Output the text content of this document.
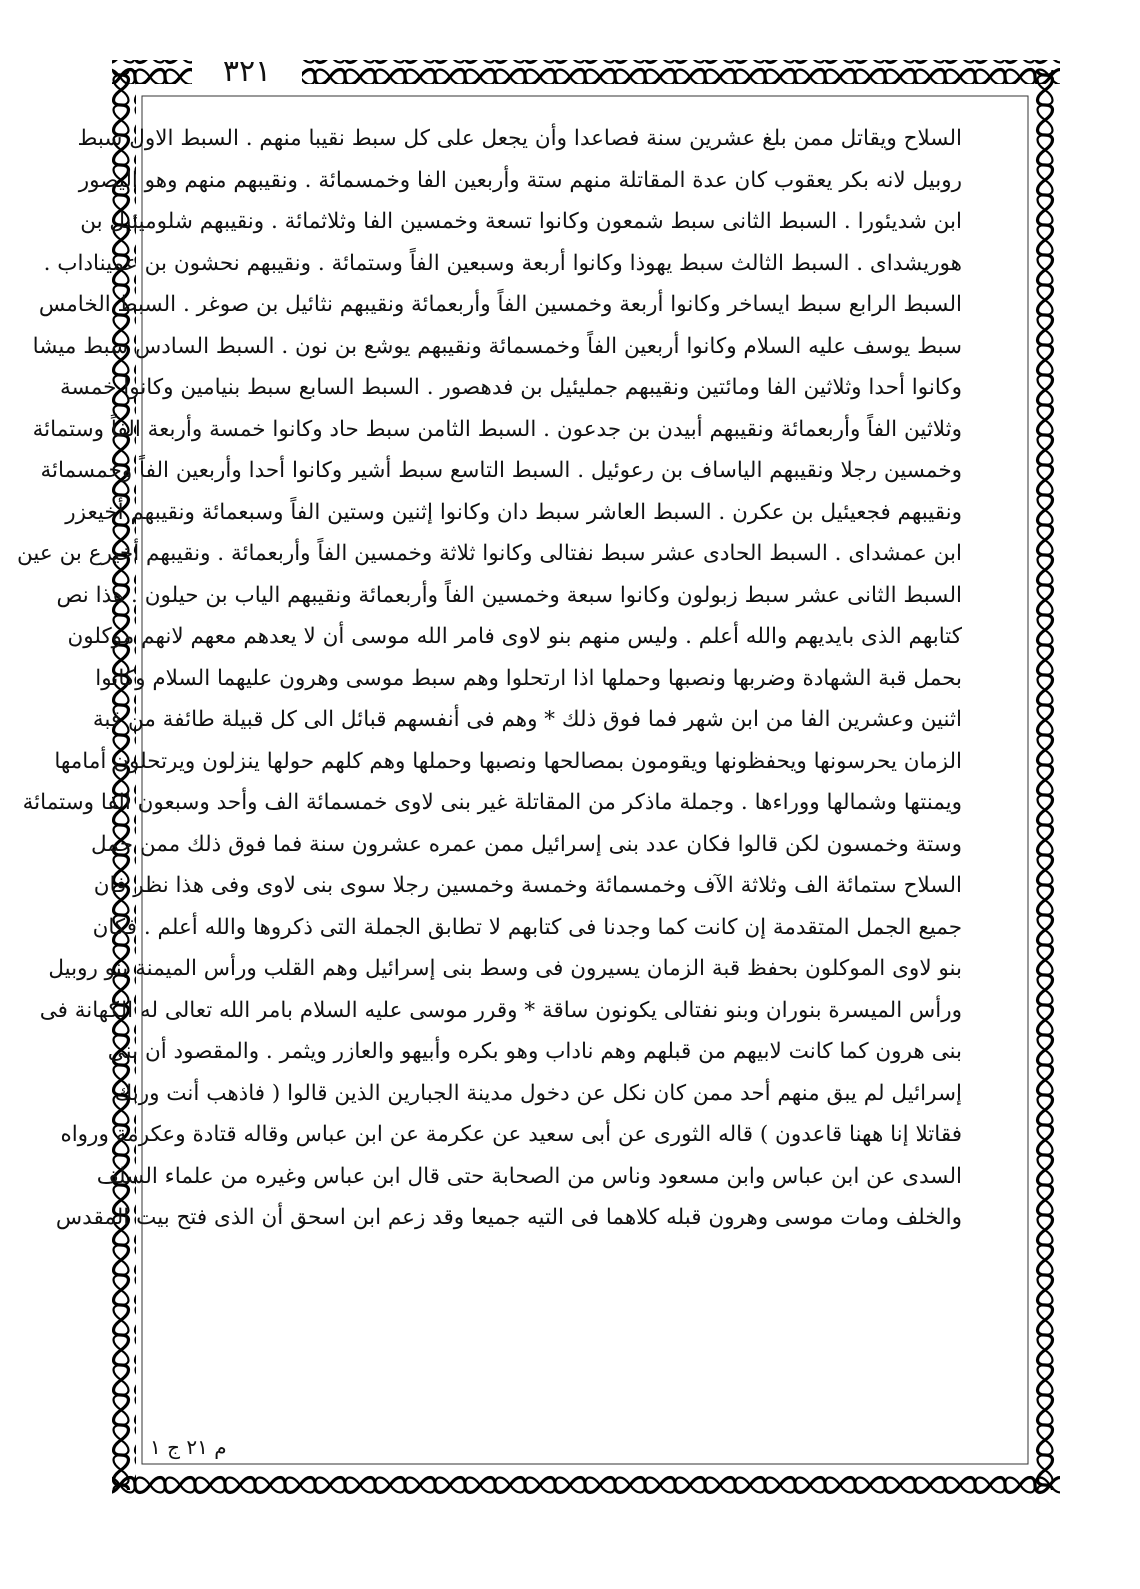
٣٢١
السلاح ويقاتل ممن بلغ عشرين سنة فصاعدا وأن يجعل على كل سبط نقيبا منهم . السبط الاول سبط
روبيل لانه بكر يعقوب كان عدة المقاتلة منهم ستة وأربعين الفا وخمسمائة . ونقيبهم منهم وهو اليصور
ابن شديئورا . السبط الثانى سبط شمعون وكانوا تسعة وخمسين الفا وثلاثمائة . ونقيبهم شلوميئيل بن
هوريشداى . السبط الثالث سبط يهوذا وكانوا أربعة وسبعين الفاً وستمائة . ونقيبهم نحشون بن عميناداب .
السبط الرابع سبط ايساخر وكانوا أربعة وخمسين الفاً وأربعمائة ونقيبهم نثائيل بن صوغر . السبط الخامس
سبط يوسف عليه السلام وكانوا أربعين الفاً وخمسمائة ونقيبهم يوشع بن نون . السبط السادس سبط ميشا
وكانوا أحدا وثلاثين الفا ومائتين ونقيبهم جمليئيل بن فدهصور . السبط السابع سبط بنيامين وكانوا خمسة
وثلاثين الفاً وأربعمائة ونقيبهم أبيدن بن جدعون . السبط الثامن سبط حاد وكانوا خمسة وأربعة الفاً وستمائة
وخمسين رجلا ونقيبهم الياساف بن رعوئيل . السبط التاسع سبط أشير وكانوا أحدا وأربعين الفاً وخمسمائة
ونقيبهم فجعيئيل بن عكرن . السبط العاشر سبط دان وكانوا إثنين وستين الفاً وسبعمائة ونقيبهم أخيعزر
ابن عمشداى . السبط الحادى عشر سبط نفتالى وكانوا ثلاثة وخمسين الفاً وأربعمائة . ونقيبهم أخيرع بن عين
السبط الثانى عشر سبط زبولون وكانوا سبعة وخمسين الفاً وأربعمائة ونقيبهم الياب بن حيلون . هذا نص
كتابهم الذى بايديهم والله أعلم . وليس منهم بنو لاوى فامر الله موسى أن لا يعدهم معهم لانهم موكلون
بحمل قبة الشهادة وضربها ونصبها وحملها اذا ارتحلوا وهم سبط موسى وهرون عليهما السلام وكانوا
اثنين وعشرين الفا من ابن شهر فما فوق ذلك * وهم فى أنفسهم قبائل الى كل قبيلة طائفة من قبة
الزمان يحرسونها ويحفظونها ويقومون بمصالحها ونصبها وحملها وهم كلهم حولها ينزلون ويرتحلون أمامها
ويمنتها وشمالها ووراءها . وجملة ماذكر من المقاتلة غير بنى لاوى خمسمائة الف وأحد وسبعون الفا وستمائة
وستة وخمسون لكن قالوا فكان عدد بنى إسرائيل ممن عمره عشرون سنة فما فوق ذلك ممن حمل
السلاح ستمائة الف وثلاثة الآف وخمسمائة وخمسة وخمسين رجلا سوى بنى لاوى وفى هذا نظر فان
جميع الجمل المتقدمة إن كانت كما وجدنا فى كتابهم لا تطابق الجملة التى ذكروها والله أعلم . فكان
بنو لاوى الموكلون بحفظ قبة الزمان يسيرون فى وسط بنى إسرائيل وهم القلب ورأس الميمنة بنو روبيل
ورأس الميسرة بنوران وبنو نفتالى يكونون ساقة * وقرر موسى عليه السلام بامر الله تعالى له الكهانة فى
بنى هرون كما كانت لابيهم من قبلهم وهم ناداب وهو بكره وأبيهو والعازر ويثمر . والمقصود أن بنى
إسرائيل لم يبق منهم أحد ممن كان نكل عن دخول مدينة الجبارين الذين قالوا ( فاذهب أنت وربك
فقاتلا إنا ههنا قاعدون ) قاله الثورى عن أبى سعيد عن عكرمة عن ابن عباس وقاله قتادة وعكرمة ورواه
السدى عن ابن عباس وابن مسعود وناس من الصحابة حتى قال ابن عباس وغيره من علماء السلف
والخلف ومات موسى وهرون قبله كلاهما فى التيه جميعا وقد زعم ابن اسحق أن الذى فتح بيت المقدس
م ٢١ ج ١
